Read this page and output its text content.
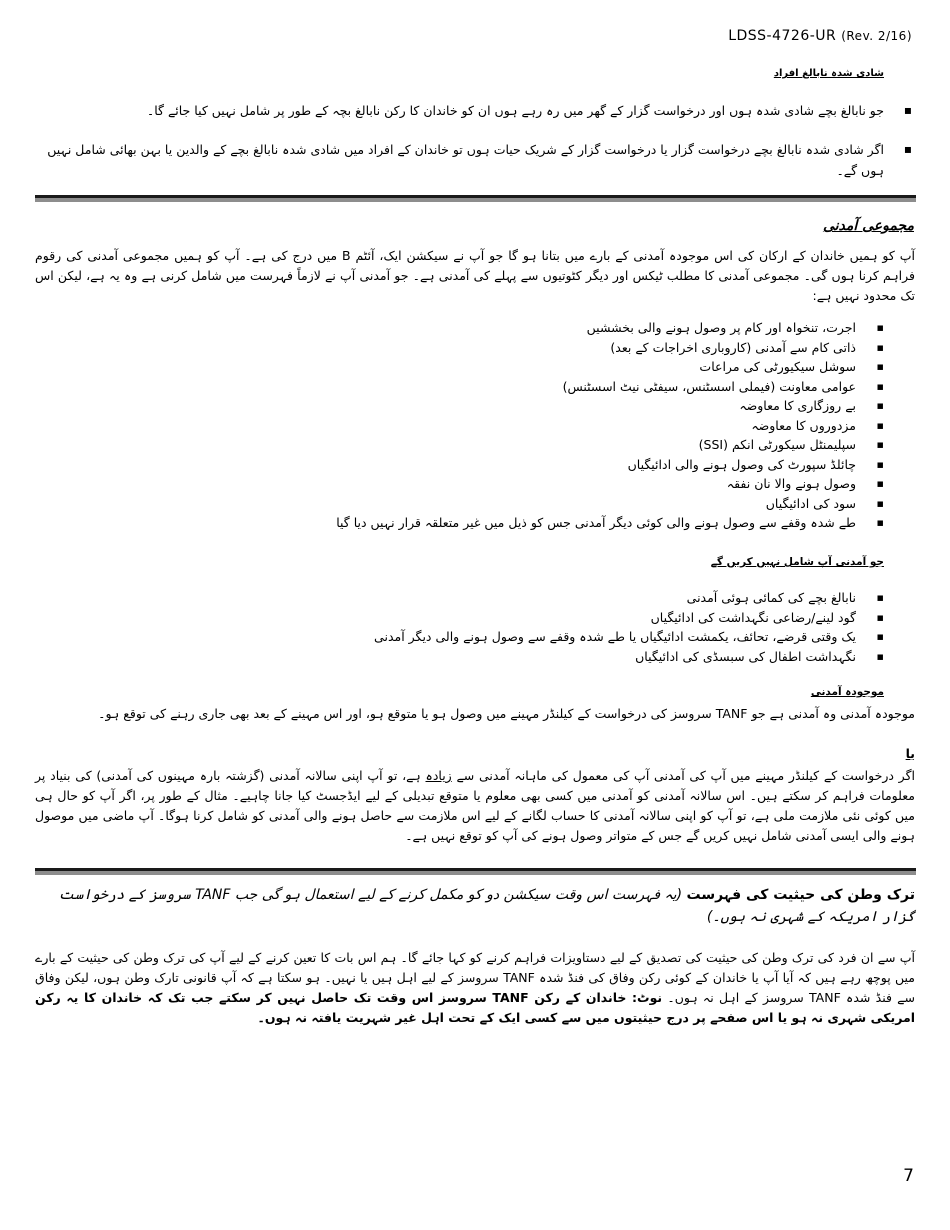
LDSS-4726-UR (Rev. 2/16)
شادی شدہ نابالغ افراد
▪ جو نابالغ بچے شادی شدہ ہوں اور درخواست گزار کے گھر میں رہ رہے ہوں ان کو خاندان کا رکن نابالغ بچہ کے طور پر شامل نہیں کیا جائے گا۔
▪ اگر شادی شدہ نابالغ بچے درخواست گزار یا درخواست گزار کے شریک حیات ہوں تو خاندان کے افراد میں شادی شدہ نابالغ بچے کے والدین یا بہن بھائی شامل نہیں ہوں گے۔
مجموعی آمدنی
آپ کو ہمیں خاندان کے ارکان کی اس موجودہ آمدنی کے بارے میں بتانا ہو گا جو آپ نے سیکشن ایک، آئٹم B میں درج کی ہے۔ آپ کو ہمیں مجموعی آمدنی کی رقوم فراہم کرنا ہوں گی۔ مجموعی آمدنی کا مطلب ٹیکس اور دیگر کٹوتیوں سے پہلے کی آمدنی ہے۔ جو آمدنی آپ نے لازماً فہرست میں شامل کرنی ہے وہ یہ ہے، لیکن اس تک محدود نہیں ہے:
▪ اجرت، تنخواہ اور کام پر وصول ہونے والی بخششیں
▪ ذاتی کام سے آمدنی (کاروباری اخراجات کے بعد)
▪ سوشل سیکیورٹی کی مراعات
▪ عوامی معاونت (فیملی اسسٹنس، سیفٹی نیٹ اسسٹنس)
▪ بے روزگاری کا معاوضہ
▪ مزدوروں کا معاوضہ
▪ سپلیمنٹل سیکورٹی انکم (SSI)
▪ چائلڈ سپورٹ کی وصول ہونے والی ادائیگیاں
▪ وصول ہونے والا نان نفقہ
▪ سود کی ادائیگیاں
▪ طے شدہ وقفے سے وصول ہونے والی کوئی دیگر آمدنی جس کو ذیل میں غیر متعلقہ قرار نہیں دیا گیا
جو آمدنی آپ شامل نہیں کریں گے
▪ نابالغ بچے کی کمائی ہوئی آمدنی
▪ گود لینے/رضاعی نگہداشت کی ادائیگیاں
▪ یک وقتی قرضے، تحائف، یکمشت ادائیگیاں یا طے شدہ وقفے سے وصول ہونے والی دیگر آمدنی
▪ نگہداشت اطفال کی سبسڈی کی ادائیگیاں
موجودہ آمدنی
موجودہ آمدنی وہ آمدنی ہے جو TANF سروسز کی درخواست کے کیلنڈر مہینے میں وصول ہو یا متوقع ہو، اور اس مہینے کے بعد بھی جاری رہنے کی توقع ہو۔
یا
اگر درخواست کے کیلنڈر مہینے میں آپ کی آمدنی آپ کی معمول کی ماہانہ آمدنی سے زیادہ ہے، تو آپ اپنی سالانہ آمدنی (گزشتہ بارہ مہینوں کی آمدنی) کی بنیاد پر معلومات فراہم کر سکتے ہیں۔ اس سالانہ آمدنی کو آمدنی میں کسی بھی معلوم یا متوقع تبدیلی کے لیے ایڈجسٹ کیا جانا چاہیے۔ مثال کے طور پر، اگر آپ کو حال ہی میں کوئی نئی ملازمت ملی ہے، تو آپ کو اپنی سالانہ آمدنی کا حساب لگانے کے لیے اس ملازمت سے حاصل ہونے والی آمدنی کو شامل کرنا ہوگا۔ آپ ماضی میں موصول ہونے والی ایسی آمدنی شامل نہیں کریں گے جس کے متواتر وصول ہونے کی آپ کو توقع نہیں ہے۔
ترک وطن کی حیثیت کی فہرست (یہ فہرست اس وقت سیکشن دو کو مکمل کرنے کے لیے استعمال ہو گی جب TANF سروسز کے درخواست گزار امریکہ کے شہری نہ ہوں۔)
آپ سے ان فرد کی ترک وطن کی حیثیت کی تصدیق کے لیے دستاویزات فراہم کرنے کو کہا جائے گا۔ ہم اس بات کا تعین کرنے کے لیے آپ کی ترک وطن کی حیثیت کے بارے میں پوچھ رہے ہیں کہ آیا آپ یا خاندان کے کوئی رکن وفاق کی فنڈ شدہ TANF سروسز کے لیے اہل ہیں یا نہیں۔ ہو سکتا ہے کہ آپ قانونی تارک وطن ہوں، لیکن وفاق سے فنڈ شدہ TANF سروسز کے اہل نہ ہوں۔ نوٹ: خاندان کے رکن TANF سروسز اس وقت تک حاصل نہیں کر سکتے جب تک کہ خاندان کا یہ رکن امریکی شہری نہ ہو یا اس صفحے پر درج حیثیتوں میں سے کسی ایک کے تحت اہل غیر شہریت یافتہ نہ ہوں۔
7
